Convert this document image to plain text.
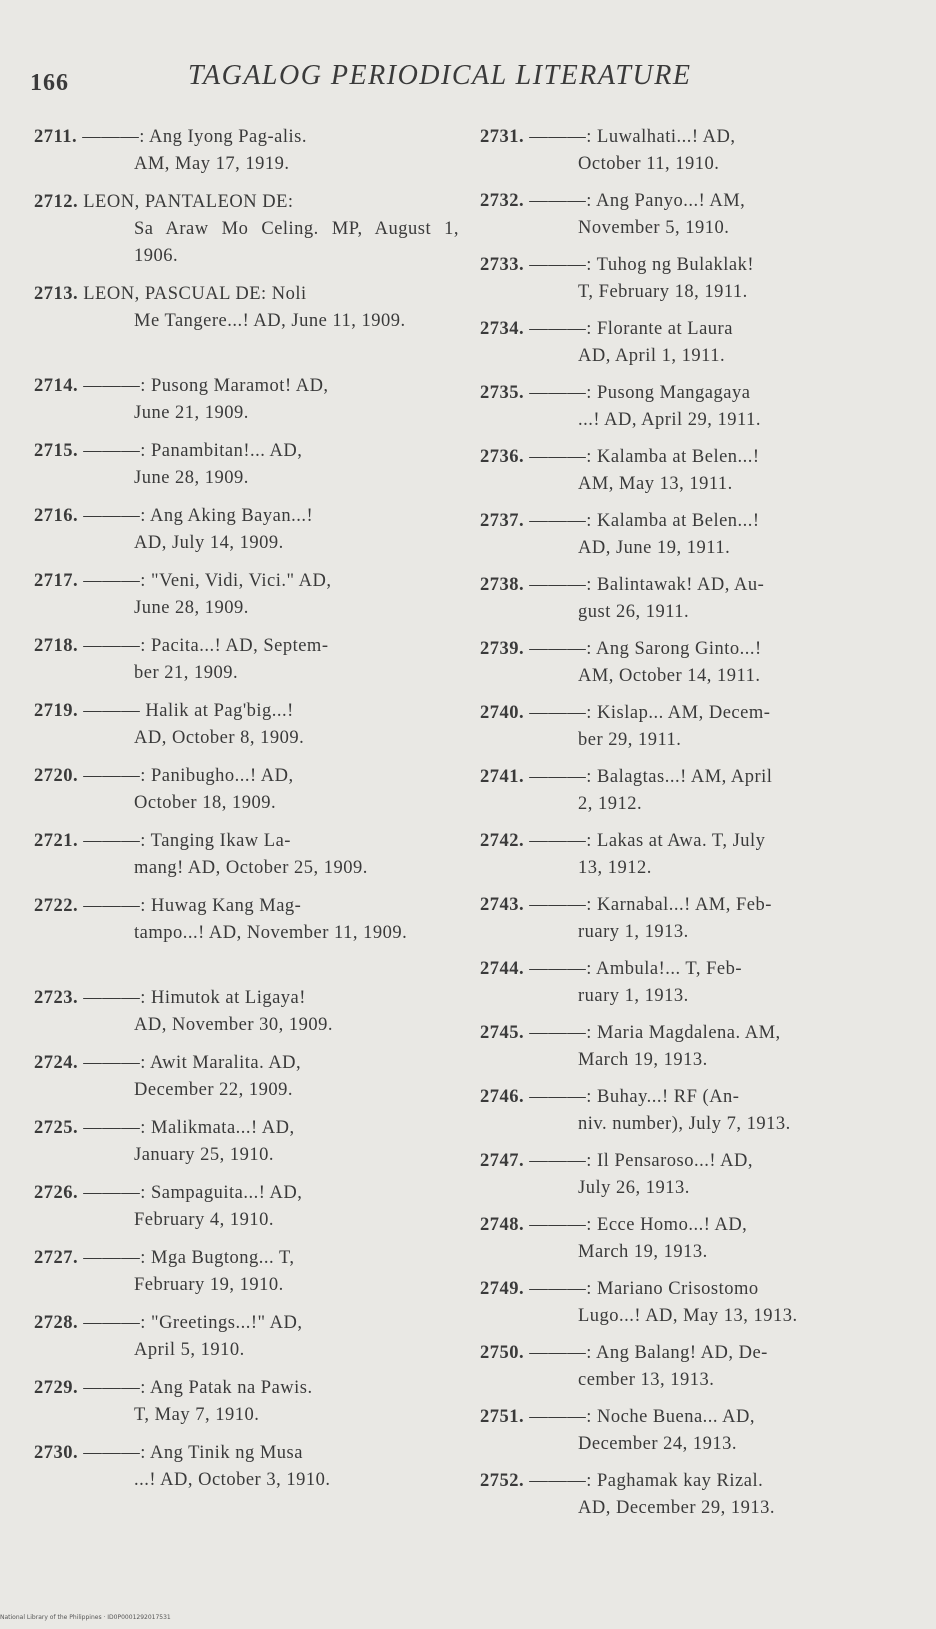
166	TAGALOG PERIODICAL LITERATURE
2711. ———: Ang Iyong Pag-alis.
AM, May 17, 1919.
2712. LEON, PANTALEON DE:
Sa Araw Mo Celing. MP, August 1, 1906.
2713. LEON, PASCUAL DE: Noli
Me Tangere...! AD, June 11, 1909.
2714. ———: Pusong Maramot! AD,
June 21, 1909.
2715. ———: Panambitan!... AD,
June 28, 1909.
2716. ———: Ang Aking Bayan...!
AD, July 14, 1909.
2717. ———: "Veni, Vidi, Vici." AD,
June 28, 1909.
2718. ———: Pacita...! AD, Septem-
ber 21, 1909.
2719. ——— Halik at Pag'big...!
AD, October 8, 1909.
2720. ———: Panibugho...! AD,
October 18, 1909.
2721. ———: Tanging Ikaw La-
mang! AD, October 25, 1909.
2722. ———: Huwag Kang Mag-
tampo...! AD, November 11, 1909.
2723. ———: Himutok at Ligaya!
AD, November 30, 1909.
2724. ———: Awit Maralita. AD,
December 22, 1909.
2725. ———: Malikmata...! AD,
January 25, 1910.
2726. ———: Sampaguita...! AD,
February 4, 1910.
2727. ———: Mga Bugtong... T,
February 19, 1910.
2728. ———: "Greetings...!" AD,
April 5, 1910.
2729. ———: Ang Patak na Pawis.
T, May 7, 1910.
2730. ———: Ang Tinik ng Musa
...! AD, October 3, 1910.
2731. ———: Luwalhati...! AD,
October 11, 1910.
2732. ———: Ang Panyo...! AM,
November 5, 1910.
2733. ———: Tuhog ng Bulaklak!
T, February 18, 1911.
2734. ———: Florante at Laura
AD, April 1, 1911.
2735. ———: Pusong Mangagaya
...! AD, April 29, 1911.
2736. ———: Kalamba at Belen...!
AM, May 13, 1911.
2737. ———: Kalamba at Belen...!
AD, June 19, 1911.
2738. ———: Balintawak! AD, Au-
gust 26, 1911.
2739. ———: Ang Sarong Ginto...!
AM, October 14, 1911.
2740. ———: Kislap... AM, Decem-
ber 29, 1911.
2741. ———: Balagtas...! AM, April
2, 1912.
2742. ———: Lakas at Awa. T, July
13, 1912.
2743. ———: Karnabal...! AM, Feb-
ruary 1, 1913.
2744. ———: Ambula!... T, Feb-
ruary 1, 1913.
2745. ———: Maria Magdalena. AM,
March 19, 1913.
2746. ———: Buhay...! RF (An-
niv. number), July 7, 1913.
2747. ———: Il Pensaroso...! AD,
July 26, 1913.
2748. ———: Ecce Homo...! AD,
March 19, 1913.
2749. ———: Mariano Crisostomo
Lugo...! AD, May 13, 1913.
2750. ———: Ang Balang! AD, De-
cember 13, 1913.
2751. ———: Noche Buena... AD,
December 24, 1913.
2752. ———: Paghamak kay Rizal.
AD, December 29, 1913.
National Library of the Philippines · ID0P0001292017531
